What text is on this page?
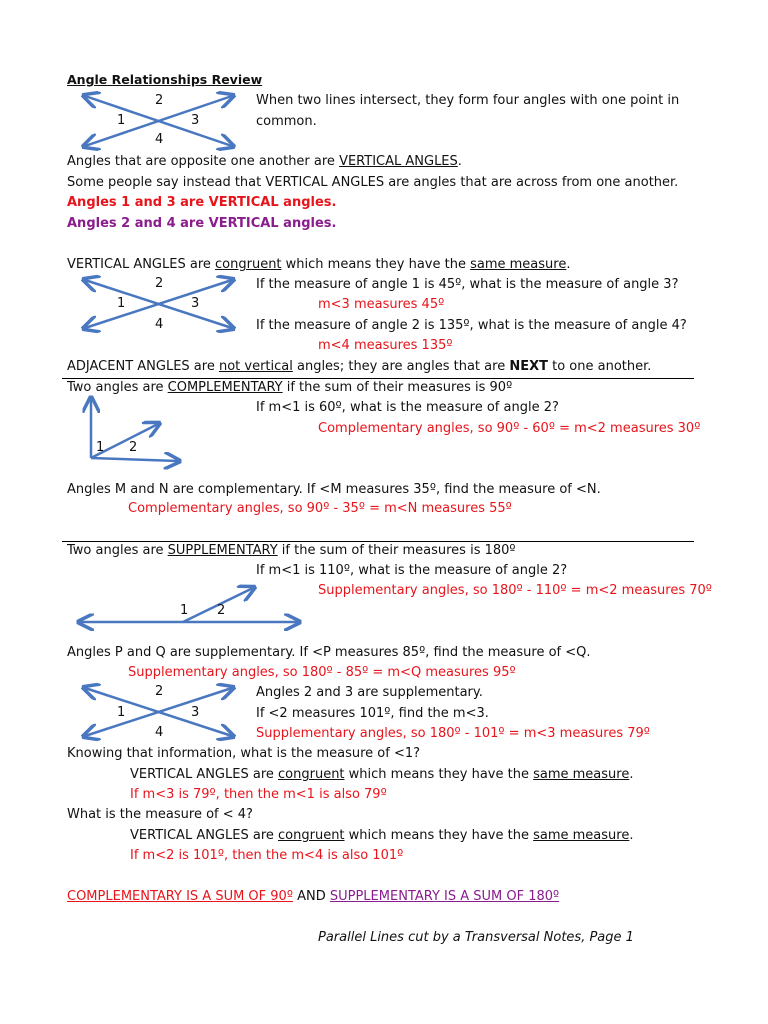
Angle Relationships Review
2
1	3
4
When two lines intersect, they form four angles with one point in
common.
Angles that are opposite one another are VERTICAL ANGLES.
Some people say instead that VERTICAL ANGLES are angles that are across from one another.
Angles 1 and 3 are VERTICAL angles.
Angles 2 and 4 are VERTICAL angles.
VERTICAL ANGLES are congruent which means they have the same measure.
2
1	3
4
If the measure of angle 1 is 45º, what is the measure of angle 3?
m<3 measures 45º
If the measure of angle 2 is 135º, what is the measure of angle 4?
m<4 measures 135º
ADJACENT ANGLES are not vertical angles; they are angles that are NEXT to one another.
Two angles are COMPLEMENTARY if the sum of their measures is 90º
If m<1 is 60º, what is the measure of angle 2?
Complementary angles, so 90º - 60º = m<2 measures 30º
1 2
Angles M and N are complementary. If <M measures 35º, find the measure of <N.
Complementary angles, so 90º - 35º = m<N measures 55º
Two angles are SUPPLEMENTARY if the sum of their measures is 180º
If m<1 is 110º, what is the measure of angle 2?
Supplementary angles, so 180º - 110º = m<2 measures 70º
1 2
Angles P and Q are supplementary. If <P measures 85º, find the measure of <Q.
Supplementary angles, so 180º - 85º = m<Q measures 95º
2
1	3
4
Angles 2 and 3 are supplementary.
If <2 measures 101º, find the m<3.
Supplementary angles, so 180º - 101º = m<3 measures 79º
Knowing that information, what is the measure of <1?
VERTICAL ANGLES are congruent which means they have the same measure.
If m<3 is 79º, then the m<1 is also 79º
What is the measure of < 4?
VERTICAL ANGLES are congruent which means they have the same measure.
If m<2 is 101º, then the m<4 is also 101º
COMPLEMENTARY IS A SUM OF 90º AND SUPPLEMENTARY IS A SUM OF 180º
Parallel Lines cut by a Transversal Notes, Page 1
